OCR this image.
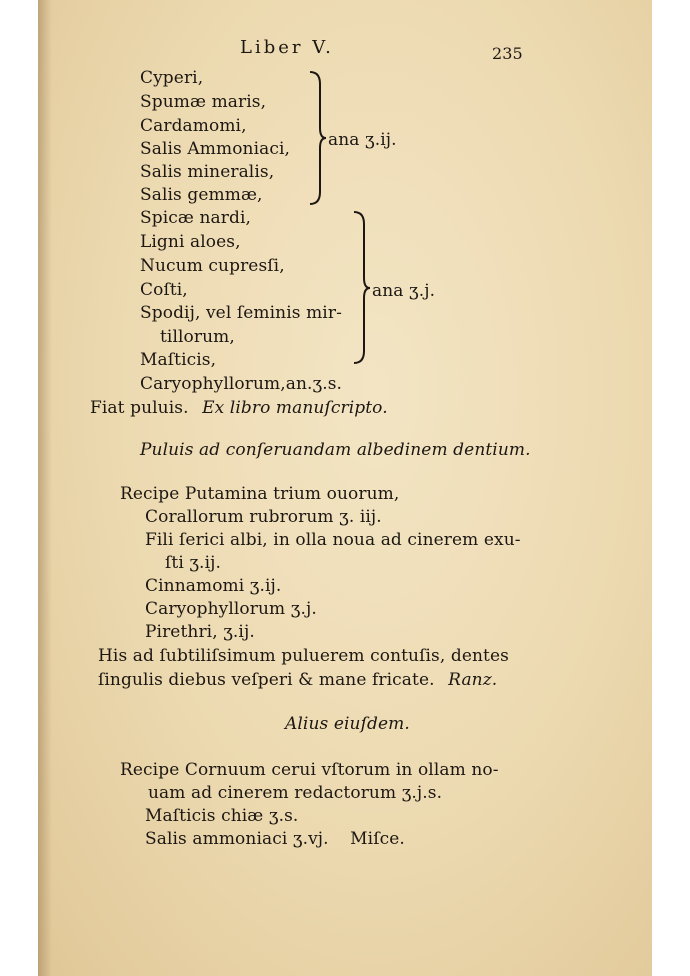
Liber V.	235
Cyperi,
Spumæ maris,
Cardamomi,
Salis Ammoniaci,
Salis mineralis,
Salis gemmæ,
ana ʒ.ij.
Spicæ nardi,
Ligni aloes,
Nucum cupresſi,
Coſti,
Spodij, vel ſeminis mir-
tillorum,
Maſticis,
ana ʒ.j.
Caryophyllorum,an.ʒ.s.
Fiat puluis. Ex libro manuſcripto.
Puluis ad conſeruandam albedinem dentium.
Recipe Putamina trium ouorum,
Corallorum rubrorum ʒ. iij.
Fili ſerici albi, in olla noua ad cinerem exu-
ſti ʒ.ij.
Cinnamomi ʒ.ij.
Caryophyllorum ʒ.j.
Pirethri, ʒ.ij.
His ad ſubtiliſsimum puluerem contuſis, dentes
ſingulis diebus veſperi & mane fricate. Ranz.
Alius eiuſdem.
Recipe Cornuum cerui vſtorum in ollam no-
uam ad cinerem redactorum ʒ.j.s.
Maſticis chiæ ʒ.s.
Salis ammoniaci ʒ.vj. Miſce.
